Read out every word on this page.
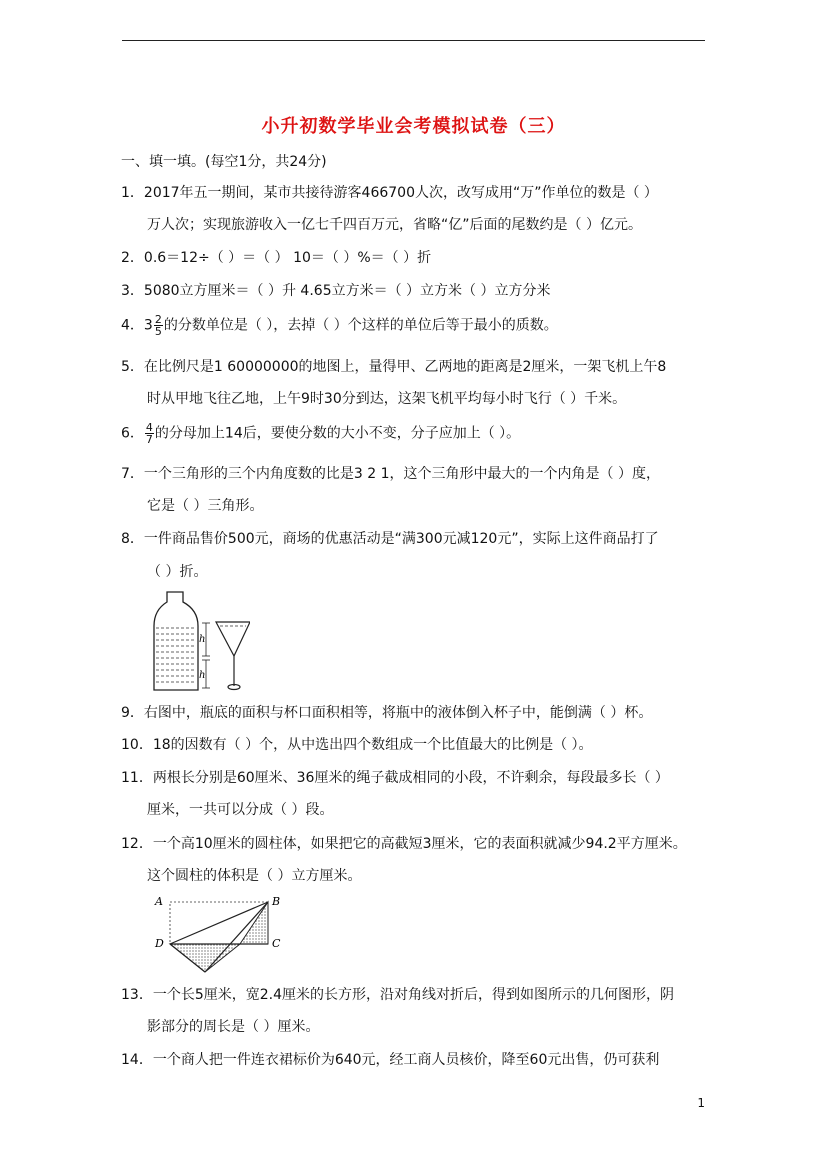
小升初数学毕业会考模拟试卷（三）
一、填一填。(每空1分，共24分)
1．2017年五一期间，某市共接待游客466700人次，改写成用“万”作单位的数是（ ）
万人次；实现旅游收入一亿七千四百万元，省略“亿”后面的尾数约是（ ）亿元。
2．0.6＝12÷（ ）＝（ ） 10＝（ ）%＝（ ）折
3．5080立方厘米＝（ ）升 4.65立方米＝（ ）立方米（ ）立方分米
4．$3 \frac{2}{5}$ 的分数单位是（ ），去掉（ ）个这样的单位后等于最小的质数。
5．在比例尺是1 60000000的地图上，量得甲、乙两地的距离是2厘米，一架飞机上午8
时从甲地飞往乙地，上午9时30分到达，这架飞机平均每小时飞行（ ）千米。
6． $\frac{4}{7}$ 的分母加上14后，要使分数的大小不变，分子应加上（ ）。
7．一个三角形的三个内角度数的比是3 2 1，这个三角形中最大的一个内角是（ ）度，
它是（ ）三角形。
8．一件商品售价500元，商场的优惠活动是“满300元减120元”，实际上这件商品打了
（ ）折。
h
h
9．右图中，瓶底的面积与杯口面积相等，将瓶中的液体倒入杯子中，能倒满（ ）杯。
10．18的因数有（ ）个，从中选出四个数组成一个比值最大的比例是（ ）。
11．两根长分别是60厘米、36厘米的绳子截成相同的小段，不许剩余，每段最多长（ ）
厘米，一共可以分成（ ）段。
12．一个高10厘米的圆柱体，如果把它的高截短3厘米，它的表面积就减少94.2平方厘米。
这个圆柱的体积是（ ）立方厘米。
A	B
C
D
13．一个长5厘米，宽2.4厘米的长方形，沿对角线对折后，得到如图所示的几何图形，阴
影部分的周长是（ ）厘米。
14．一个商人把一件连衣裙标价为640元，经工商人员核价，降至60元出售，仍可获利
1
